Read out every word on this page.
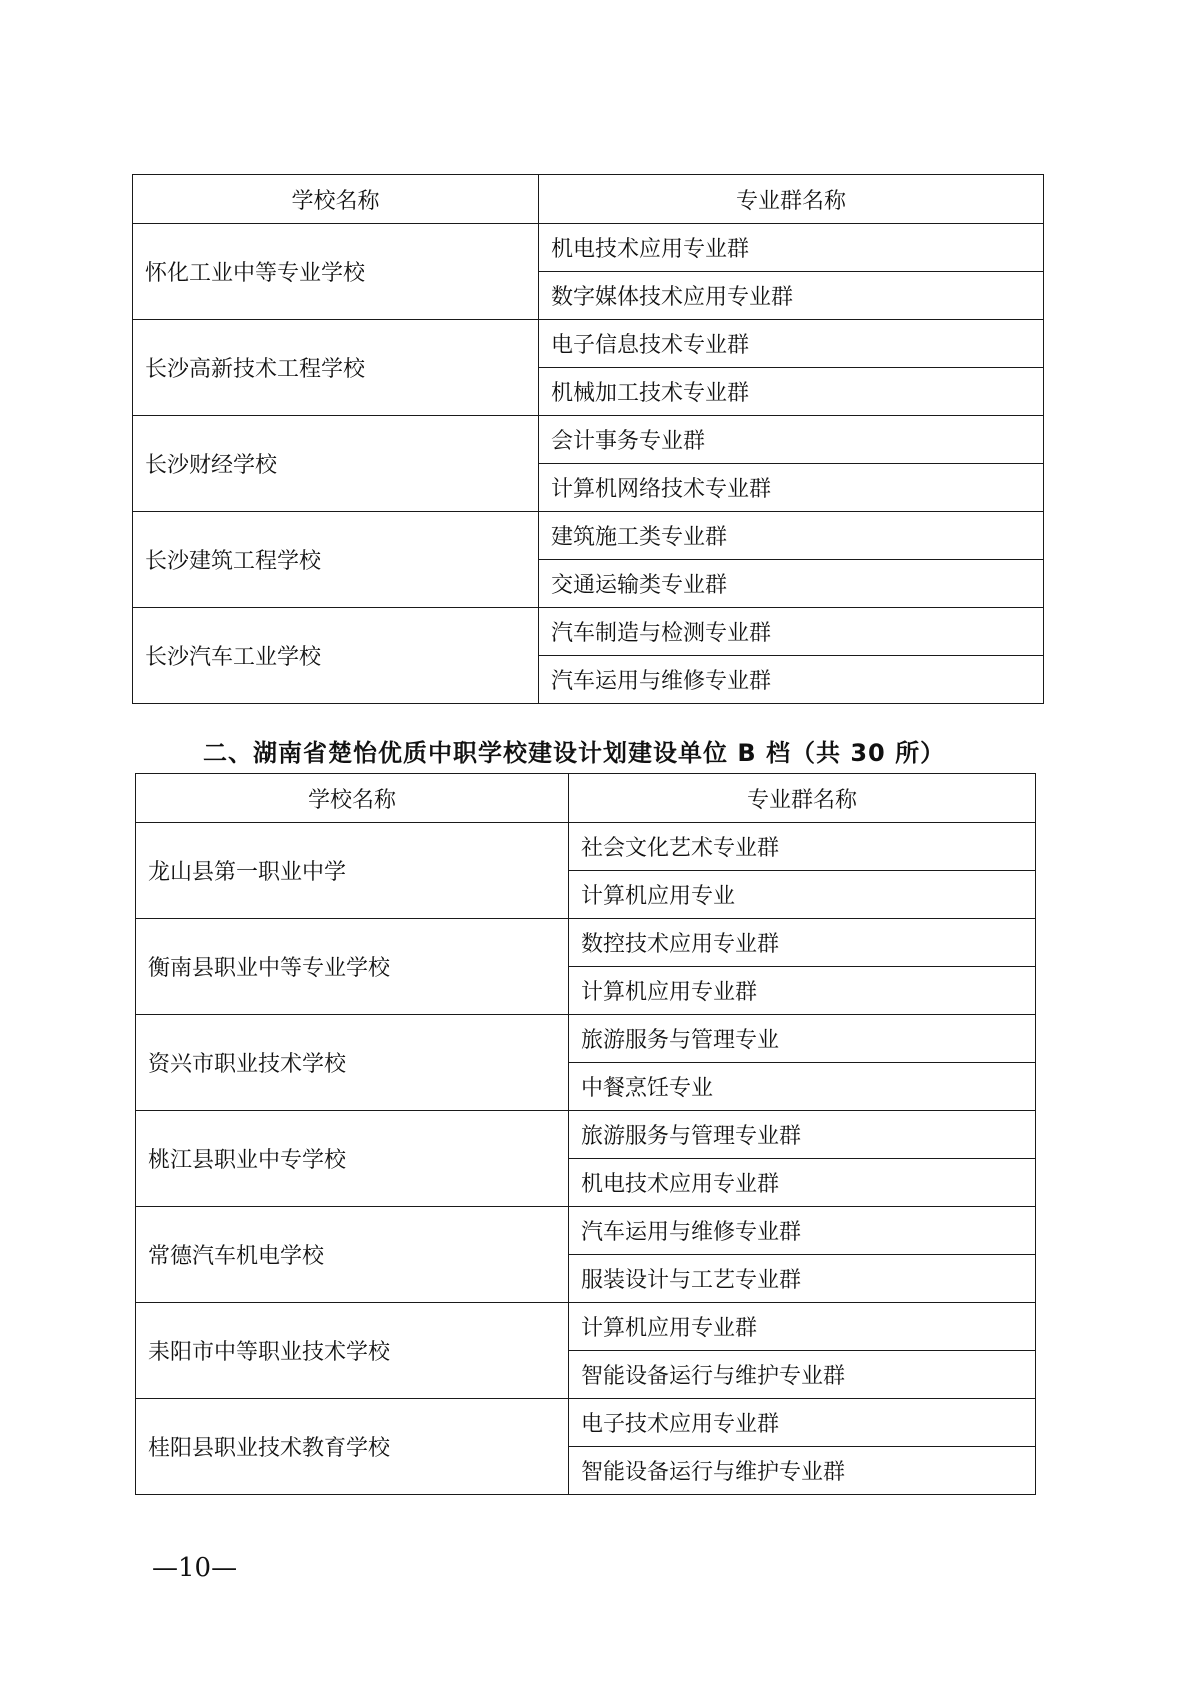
学校名称	专业群名称
怀化工业中等专业学校	机电技术应用专业群
	数字媒体技术应用专业群
长沙高新技术工程学校	电子信息技术专业群
	机械加工技术专业群
长沙财经学校	会计事务专业群
	计算机网络技术专业群
长沙建筑工程学校	建筑施工类专业群
	交通运输类专业群
长沙汽车工业学校	汽车制造与检测专业群
	汽车运用与维修专业群
二、湖南省楚怡优质中职学校建设计划建设单位 B 档（共 30 所）
学校名称	专业群名称
龙山县第一职业中学	社会文化艺术专业群
	计算机应用专业
衡南县职业中等专业学校	数控技术应用专业群
	计算机应用专业群
资兴市职业技术学校	旅游服务与管理专业
	中餐烹饪专业
桃江县职业中专学校	旅游服务与管理专业群
	机电技术应用专业群
常德汽车机电学校	汽车运用与维修专业群
	服装设计与工艺专业群
耒阳市中等职业技术学校	计算机应用专业群
	智能设备运行与维护专业群
桂阳县职业技术教育学校	电子技术应用专业群
	智能设备运行与维护专业群
—10—
